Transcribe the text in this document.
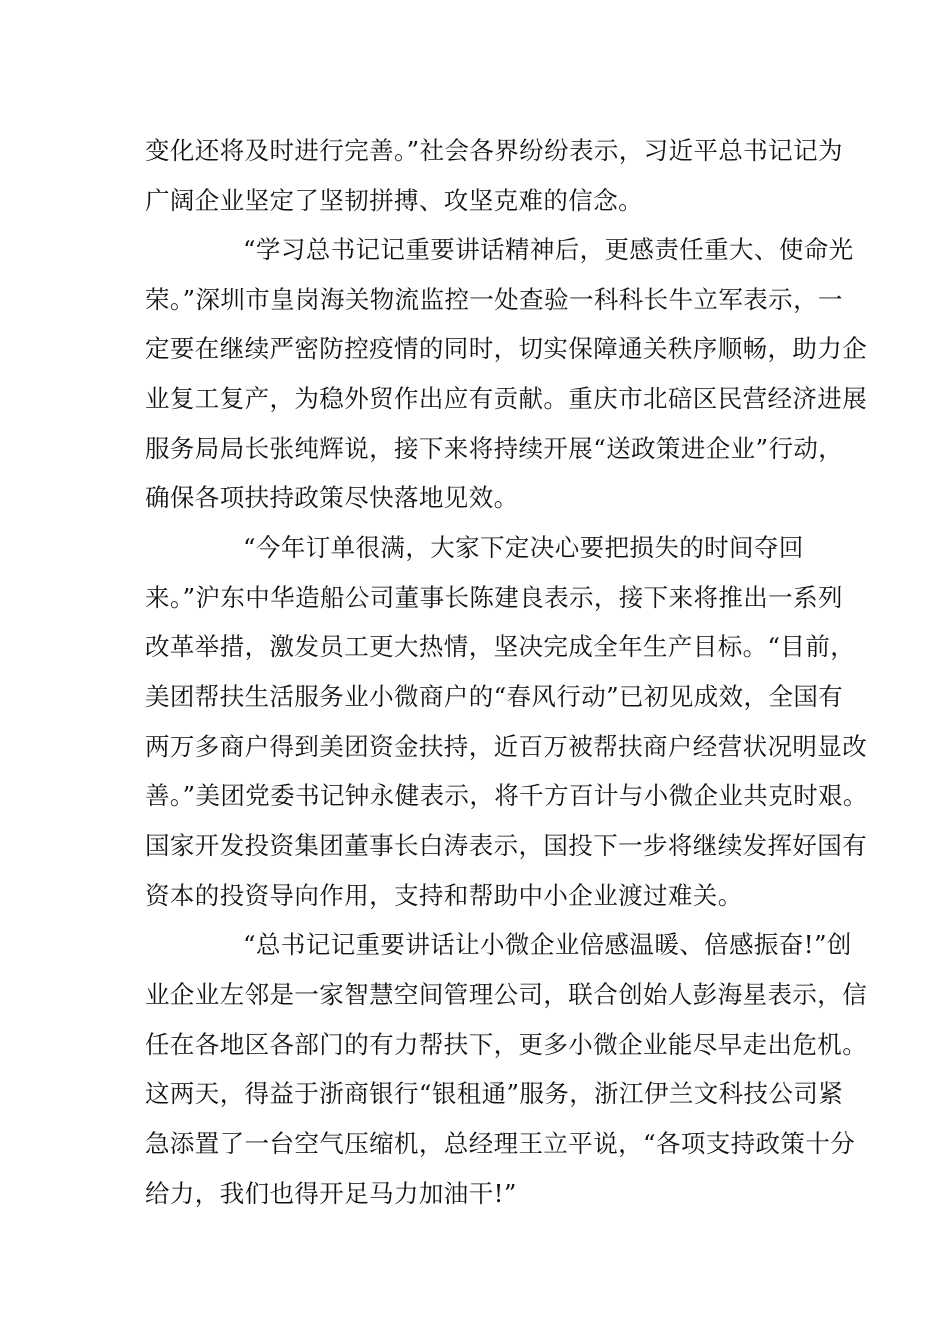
变化还将及时进行完善。”社会各界纷纷表示，习近平总书记记为

广阔企业坚定了坚韧拼搏、攻坚克难的信念。

“学习总书记记重要讲话精神后，更感责任重大、使命光

荣。”深圳市皇岗海关物流监控一处查验一科科长牛立军表示，一

定要在继续严密防控疫情的同时，切实保障通关秩序顺畅，助力企

业复工复产，为稳外贸作出应有贡献。重庆市北碚区民营经济进展

服务局局长张纯辉说，接下来将持续开展“送政策进企业”行动，

确保各项扶持政策尽快落地见效。

“今年订单很满，大家下定决心要把损失的时间夺回

来。”沪东中华造船公司董事长陈建良表示，接下来将推出一系列

改革举措，激发员工更大热情，坚决完成全年生产目标。“目前，

美团帮扶生活服务业小微商户的“春风行动”已初见成效，全国有

两万多商户得到美团资金扶持，近百万被帮扶商户经营状况明显改

善。”美团党委书记钟永健表示，将千方百计与小微企业共克时艰。

国家开发投资集团董事长白涛表示，国投下一步将继续发挥好国有

资本的投资导向作用，支持和帮助中小企业渡过难关。

“总书记记重要讲话让小微企业倍感温暖、倍感振奋!”创

业企业左邻是一家智慧空间管理公司，联合创始人彭海星表示，信

任在各地区各部门的有力帮扶下，更多小微企业能尽早走出危机。

这两天，得益于浙商银行“银租通”服务，浙江伊兰文科技公司紧

急添置了一台空气压缩机，总经理王立平说，“各项支持政策十分

给力，我们也得开足马力加油干!”
